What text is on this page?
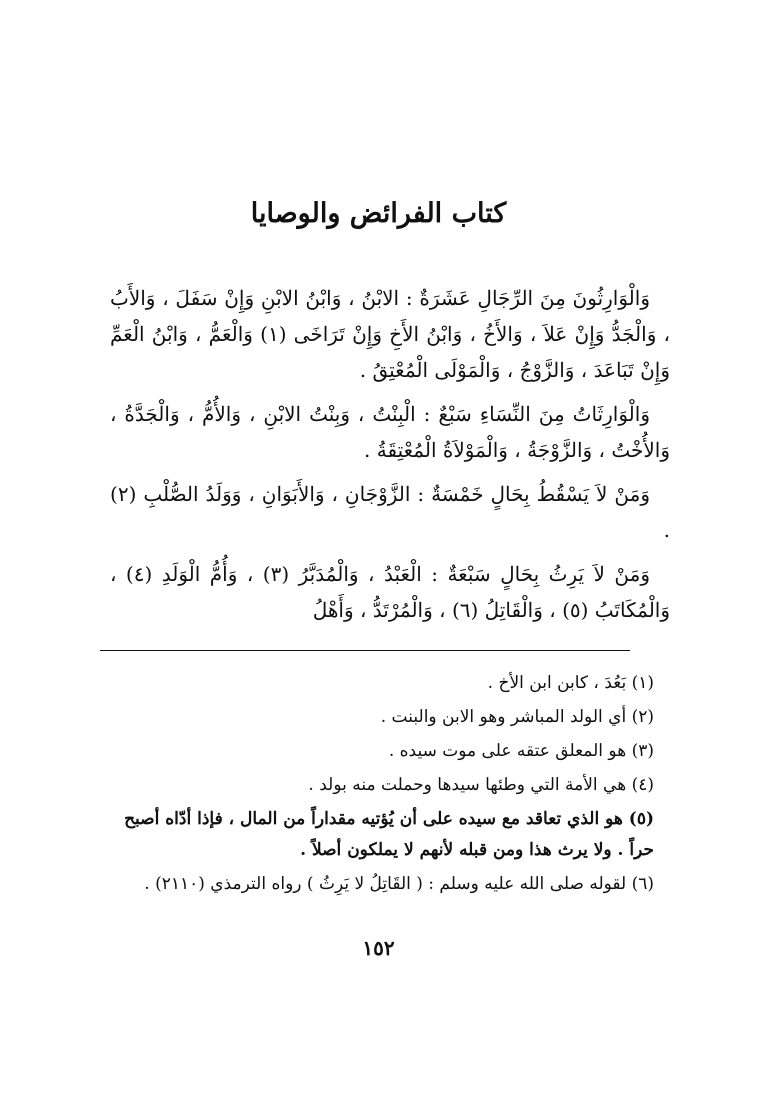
كتاب الفرائض والوصايا

وَالْوَارِثُونَ مِنَ الرِّجَالِ عَشَرَةٌ : الابْنُ ، وَابْنُ الابْنِ وَإِنْ سَفَلَ ، وَالأَبُ ، وَالْجَدُّ وَإِنْ عَلاَ ، وَالأَخُ ، وَابْنُ الأَخِ وَإِنْ تَرَاخَى (١) وَالْعَمُّ ، وَابْنُ الْعَمِّ وَإِنْ تَبَاعَدَ ، وَالزَّوْجُ ، وَالْمَوْلَى الْمُعْتِقُ .

وَالْوَارِثَاتُ مِنَ النِّسَاءِ سَبْعٌ : الْبِنْتُ ، وَبِنْتُ الابْنِ ، وَالأُمُّ ، وَالْجَدَّةُ ، وَالأُخْتُ ، وَالزَّوْجَةُ ، وَالْمَوْلاَةُ الْمُعْتِقَةُ .

وَمَنْ لاَ يَسْقُطُ بِحَالٍ خَمْسَةٌ : الزَّوْجَانِ ، وَالأَبَوَانِ ، وَوَلَدُ الصُّلْبِ (٢) .

وَمَنْ لاَ يَرِثُ بِحَالٍ سَبْعَةٌ : الْعَبْدُ ، وَالْمُدَبَّرُ (٣) ، وَأُمُّ الْوَلَدِ (٤) ، وَالْمُكَاتَبُ (٥) ، وَالْقَاتِلُ (٦) ، وَالْمُرْتَدُّ ، وَأَهْلُ

(١) بَعُدَ ، كابن ابن الأخ .
(٢) أي الولد المباشر وهو الابن والبنت .
(٣) هو المعلق عتقه على موت سيده .
(٤) هي الأمة التي وطئها سيدها وحملت منه بولد .
(٥) هو الذي تعاقد مع سيده على أن يُؤتيه مقداراً من المال ، فإذا أدّاه أصبح حراً . ولا يرث هذا ومن قبله لأنهم لا يملكون أصلاً .
(٦) لقوله صلى الله عليه وسلم : ( القَاتِلُ لا يَرِثُ ) رواه الترمذي (٢١١٠) .
١٥٢
